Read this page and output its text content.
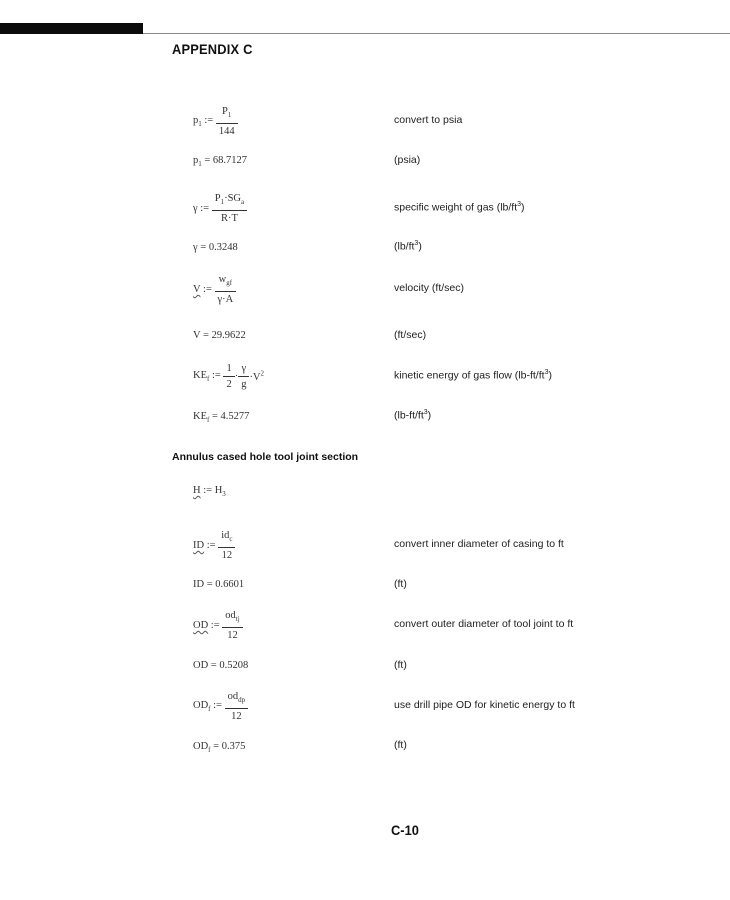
APPENDIX C
$p_1$ := $\frac{P_1}{144}$	convert to psia
$p_1 = 68.7127$	(psia)
γ := $\frac{P_1\cdot SG_a}{R\cdot T}$	specific weight of gas $(lb/ft^3)$
γ = 0.3248	$(lb/ft^3)$
V := $\frac{w_{gf}}{\gamma\cdot A}$	velocity (ft/sec)
V = 29.9622	(ft/sec)
$KE_f$ := $\frac{1}{2} \cdot \frac{\gamma}{g} \cdot V^2$	kinetic energy of gas flow $(lb-ft/ft^3)$
$KE_f = 4.5277$	$(lb-ft/ft^3)$
Annulus cased hole tool joint section
H := $H_3$
ID := $\frac{id_c}{12}$	convert inner diameter of casing to ft
ID = 0.6601	(ft)
OD := $\frac{od_{tj}}{12}$	convert outer diameter of tool joint to ft
OD = 0.5208	(ft)
$OD_f$ := $\frac{od_{dp}}{12}$	use drill pipe OD for kinetic energy to ft
$OD_f = 0.375$	(ft)
C-10
